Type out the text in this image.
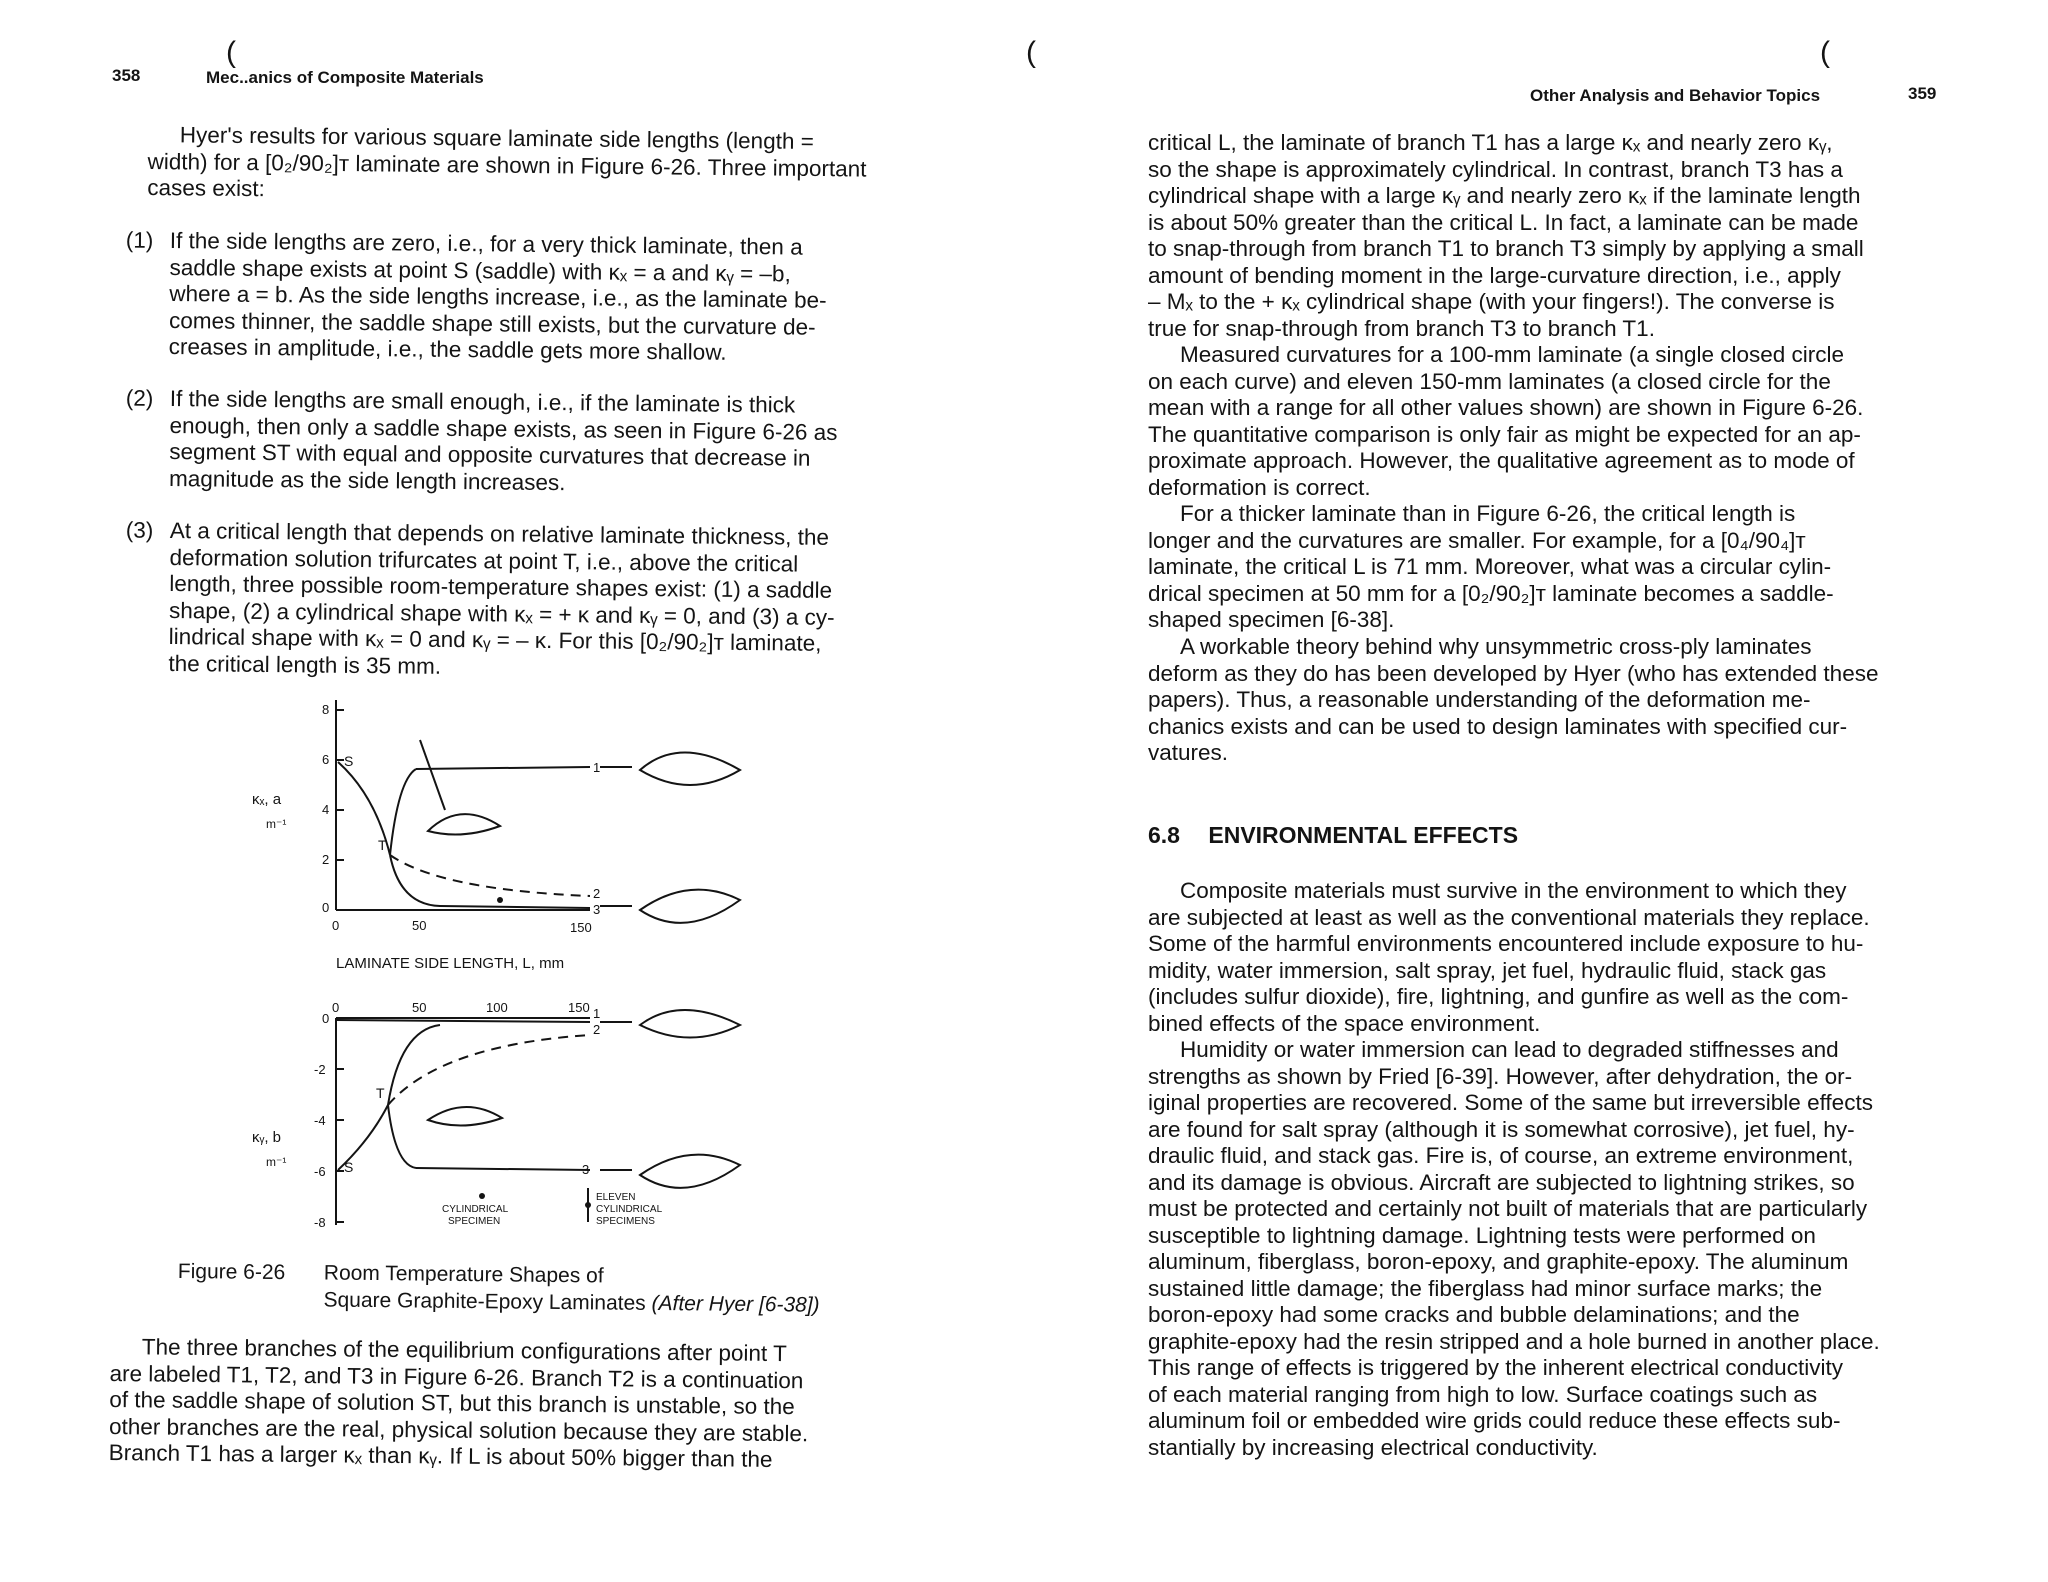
358
(
Mec..anics of Composite Materials

Hyer's results for various square laminate side lengths (length =

width) for a [0₂/90₂]ᴛ laminate are shown in Figure 6-26. Three important

cases exist:

(1) If the side lengths are zero, i.e., for a very thick laminate, then a

saddle shape exists at point S (saddle) with κₓ = a and κᵧ = –b,

where a = b. As the side lengths increase, i.e., as the laminate be-

comes thinner, the saddle shape still exists, but the curvature de-

creases in amplitude, i.e., the saddle gets more shallow.

(2) If the side lengths are small enough, i.e., if the laminate is thick

enough, then only a saddle shape exists, as seen in Figure 6-26 as

segment ST with equal and opposite curvatures that decrease in

magnitude as the side length increases.

(3) At a critical length that depends on relative laminate thickness, the

deformation solution trifurcates at point T, i.e., above the critical

length, three possible room-temperature shapes exist: (1) a saddle

shape, (2) a cylindrical shape with κₓ = + κ and κᵧ = 0, and (3) a cy-

lindrical shape with κₓ = 0 and κᵧ = – κ. For this [0₂/90₂]ᴛ laminate,

the critical length is 35 mm.

κₓ, a
m⁻¹
8
6
4
2
0
0	50	150
S
T
1
2
3
LAMINATE SIDE LENGTH, L, mm
0	50	100	150
0
-2
-4
-6
-8
κᵧ, b
m⁻¹	S
T
1
2
3
CYLINDRICAL
SPECIMEN
ELEVEN
CYLINDRICAL
SPECIMENS
Figure 6-26 Room Temperature Shapes of
Square Graphite-Epoxy Laminates (After Hyer [6-38])

The three branches of the equilibrium configurations after point T

are labeled T1, T2, and T3 in Figure 6-26. Branch T2 is a continuation

of the saddle shape of solution ST, but this branch is unstable, so the

other branches are the real, physical solution because they are stable.

Branch T1 has a larger κₓ than κᵧ. If L is about 50% bigger than the

(	(
Other Analysis and Behavior Topics	359

critical L, the laminate of branch T1 has a large κₓ and nearly zero κᵧ,

so the shape is approximately cylindrical. In contrast, branch T3 has a

cylindrical shape with a large κᵧ and nearly zero κₓ if the laminate length

is about 50% greater than the critical L. In fact, a laminate can be made

to snap-through from branch T1 to branch T3 simply by applying a small

amount of bending moment in the large-curvature direction, i.e., apply

– Mₓ to the + κₓ cylindrical shape (with your fingers!). The converse is

true for snap-through from branch T3 to branch T1.

Measured curvatures for a 100-mm laminate (a single closed circle

on each curve) and eleven 150-mm laminates (a closed circle for the

mean with a range for all other values shown) are shown in Figure 6-26.

The quantitative comparison is only fair as might be expected for an ap-

proximate approach. However, the qualitative agreement as to mode of

deformation is correct.

For a thicker laminate than in Figure 6-26, the critical length is

longer and the curvatures are smaller. For example, for a [0₄/90₄]ᴛ

laminate, the critical L is 71 mm. Moreover, what was a circular cylin-

drical specimen at 50 mm for a [0₂/90₂]ᴛ laminate becomes a saddle-

shaped specimen [6-38].

A workable theory behind why unsymmetric cross-ply laminates

deform as they do has been developed by Hyer (who has extended these

papers). Thus, a reasonable understanding of the deformation me-

chanics exists and can be used to design laminates with specified cur-

vatures.

6.8 ENVIRONMENTAL EFFECTS

Composite materials must survive in the environment to which they

are subjected at least as well as the conventional materials they replace.

Some of the harmful environments encountered include exposure to hu-

midity, water immersion, salt spray, jet fuel, hydraulic fluid, stack gas

(includes sulfur dioxide), fire, lightning, and gunfire as well as the com-

bined effects of the space environment.

Humidity or water immersion can lead to degraded stiffnesses and

strengths as shown by Fried [6-39]. However, after dehydration, the or-

iginal properties are recovered. Some of the same but irreversible effects

are found for salt spray (although it is somewhat corrosive), jet fuel, hy-

draulic fluid, and stack gas. Fire is, of course, an extreme environment,

and its damage is obvious. Aircraft are subjected to lightning strikes, so

must be protected and certainly not built of materials that are particularly

susceptible to lightning damage. Lightning tests were performed on

aluminum, fiberglass, boron-epoxy, and graphite-epoxy. The aluminum

sustained little damage; the fiberglass had minor surface marks; the

boron-epoxy had some cracks and bubble delaminations; and the

graphite-epoxy had the resin stripped and a hole burned in another place.

This range of effects is triggered by the inherent electrical conductivity

of each material ranging from high to low. Surface coatings such as

aluminum foil or embedded wire grids could reduce these effects sub-

stantially by increasing electrical conductivity.
